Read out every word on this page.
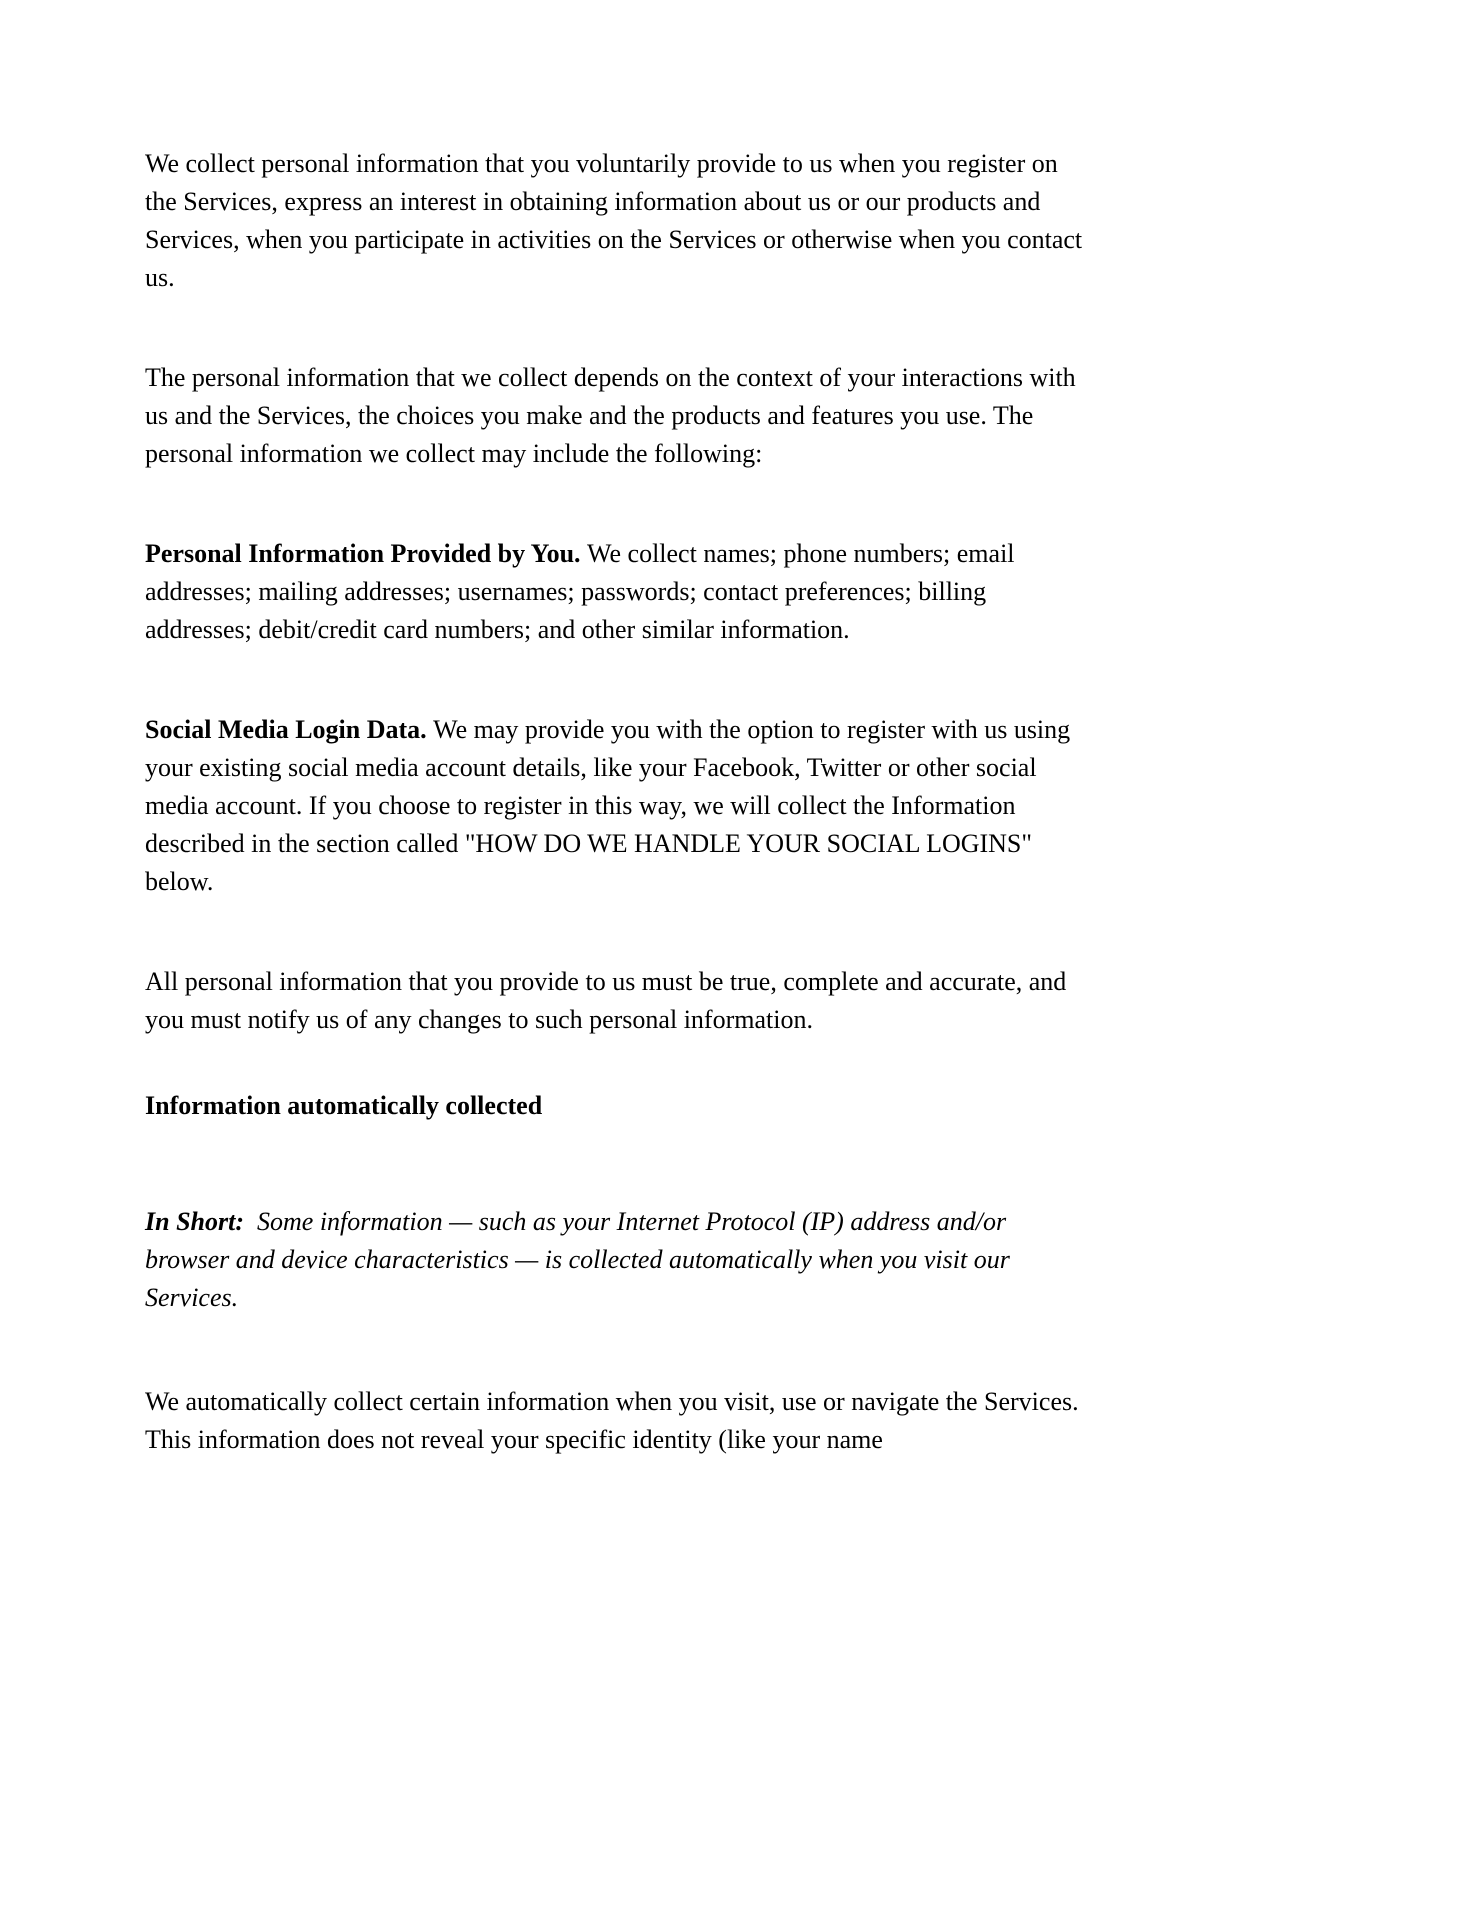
We collect personal information that you voluntarily provide to us when you register on the Services, express an interest in obtaining information about us or our products and Services, when you participate in activities on the Services or otherwise when you contact us.

The personal information that we collect depends on the context of your interactions with us and the Services, the choices you make and the products and features you use. The personal information we collect may include the following:

Personal Information Provided by You. We collect names; phone numbers; email addresses; mailing addresses; usernames; passwords; contact preferences; billing addresses; debit/credit card numbers; and other similar information.

Social Media Login Data. We may provide you with the option to register with us using your existing social media account details, like your Facebook, Twitter or other social media account. If you choose to register in this way, we will collect the Information described in the section called "HOW DO WE HANDLE YOUR SOCIAL LOGINS" below.

All personal information that you provide to us must be true, complete and accurate, and you must notify us of any changes to such personal information.

Information automatically collected

In Short:  Some information — such as your Internet Protocol (IP) address and/or browser and device characteristics — is collected automatically when you visit our Services.

We automatically collect certain information when you visit, use or navigate the Services. This information does not reveal your specific identity (like your name
